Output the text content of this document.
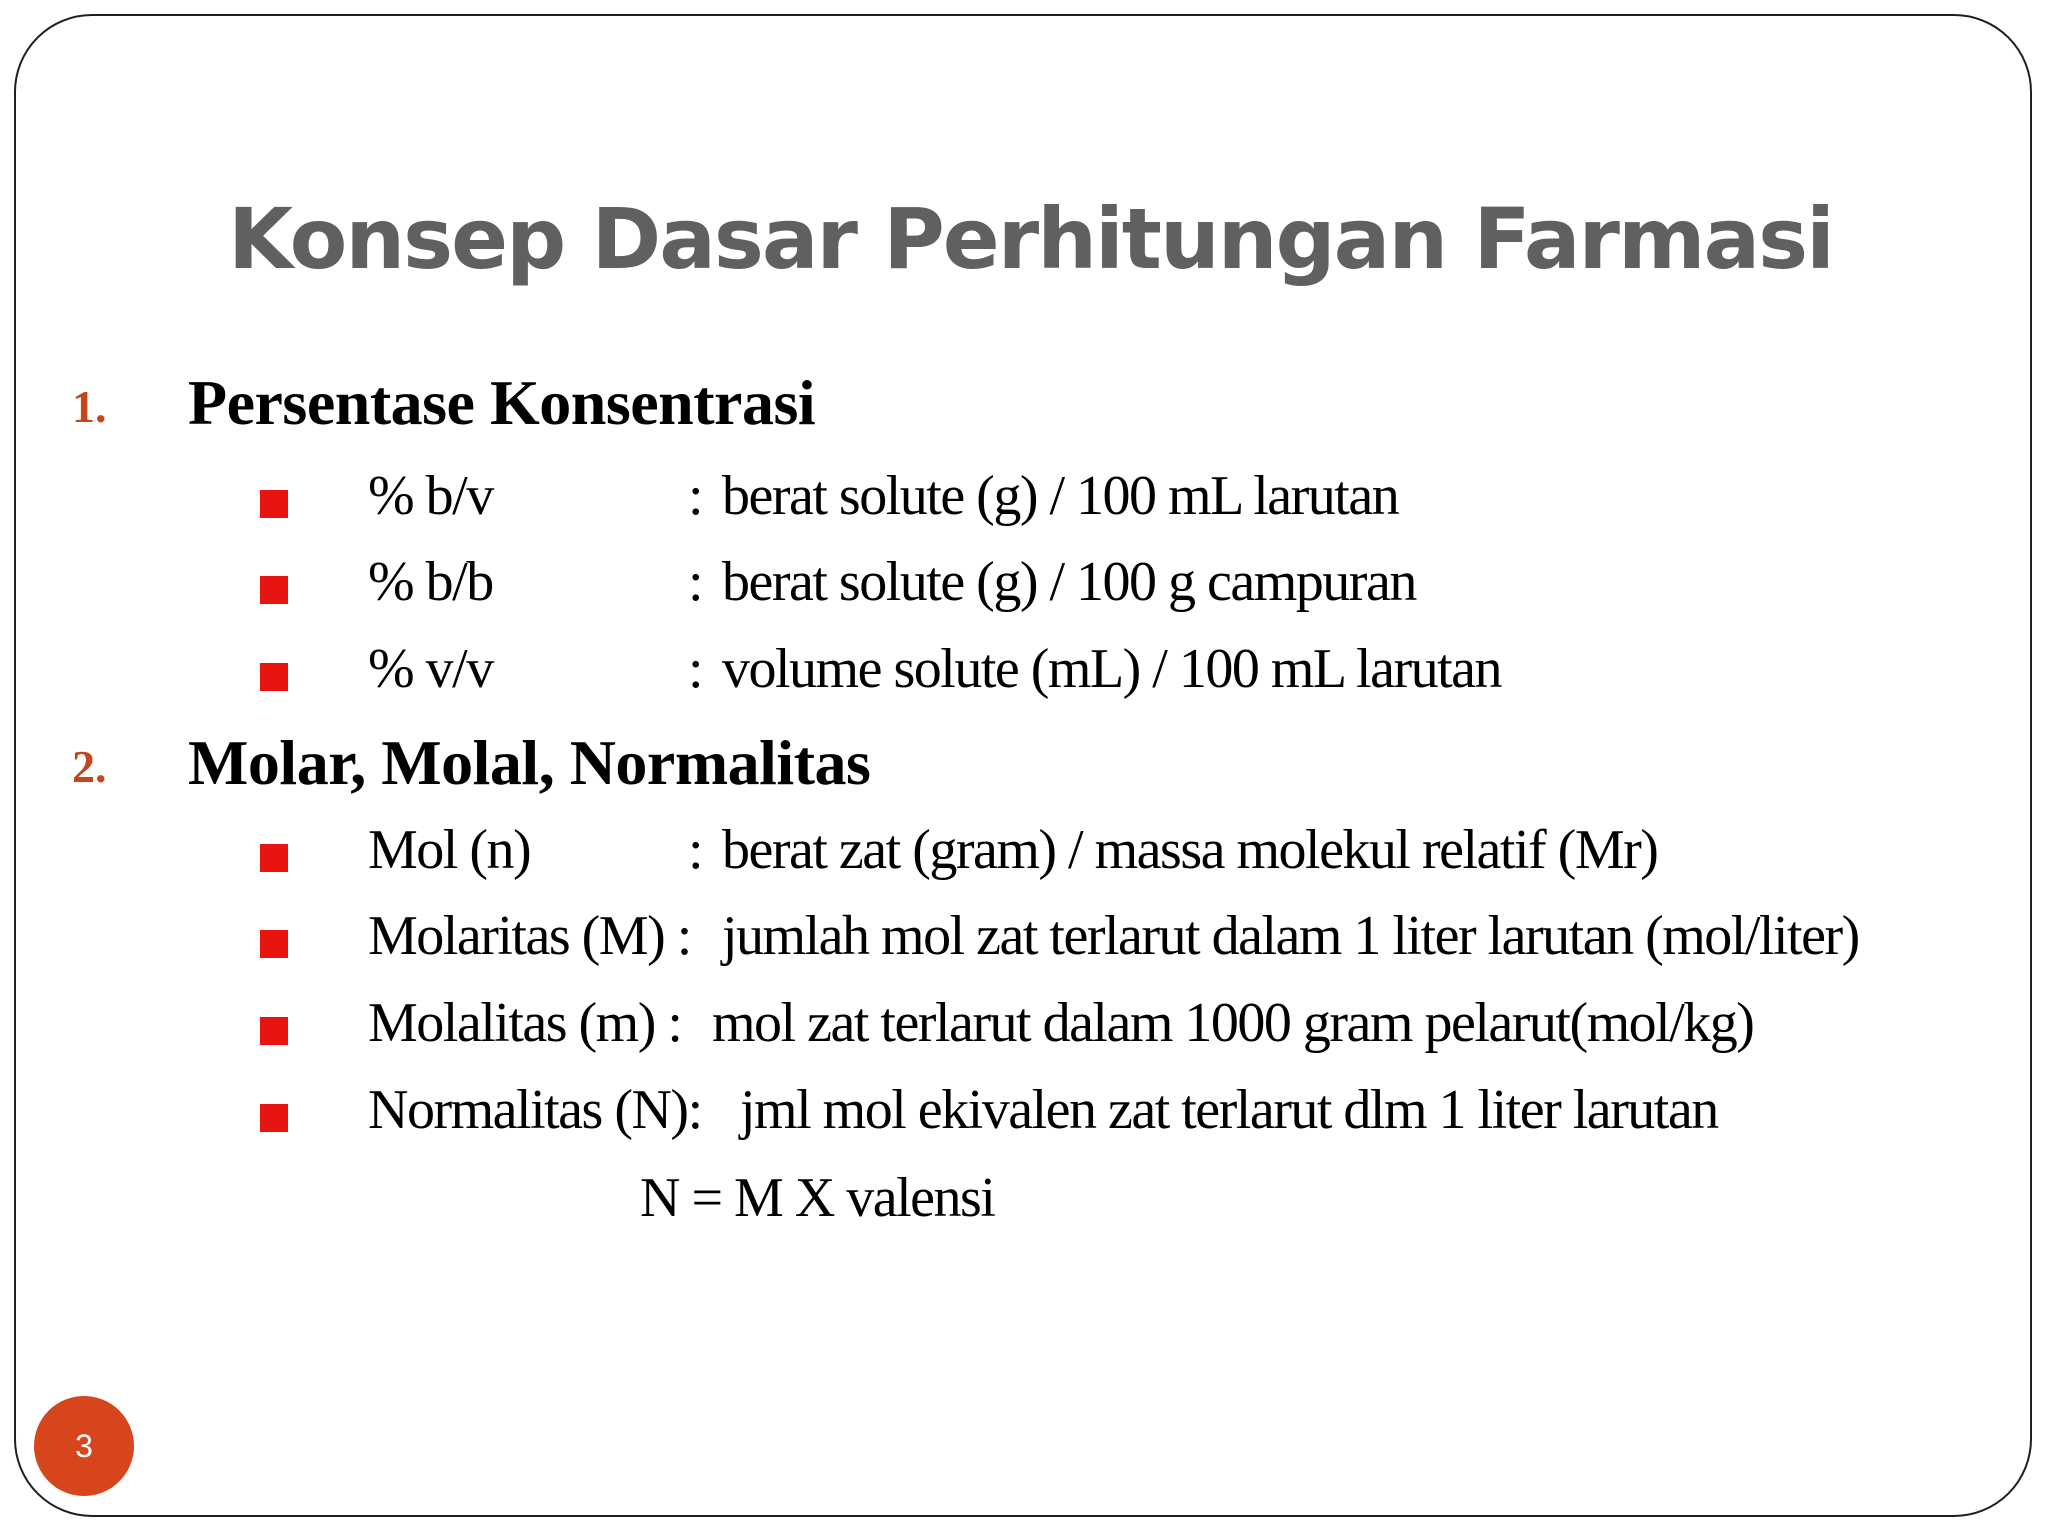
Konsep Dasar Perhitungan Farmasi
1. Persentase Konsentrasi
% b/v	: berat solute (g) / 100 mL larutan
% b/b	: berat solute (g) / 100 g campuran
% v/v	: volume solute (mL) / 100 mL larutan
2. Molar, Molal, Normalitas
Mol (n)	: berat zat (gram) / massa molekul relatif (Mr)
Molaritas (M) : jumlah mol zat terlarut dalam 1 liter larutan (mol/liter)
Molalitas (m) : mol zat terlarut dalam 1000 gram pelarut(mol/kg)
Normalitas (N): jml mol ekivalen zat terlarut dlm 1 liter larutan
N = M X valensi
3
